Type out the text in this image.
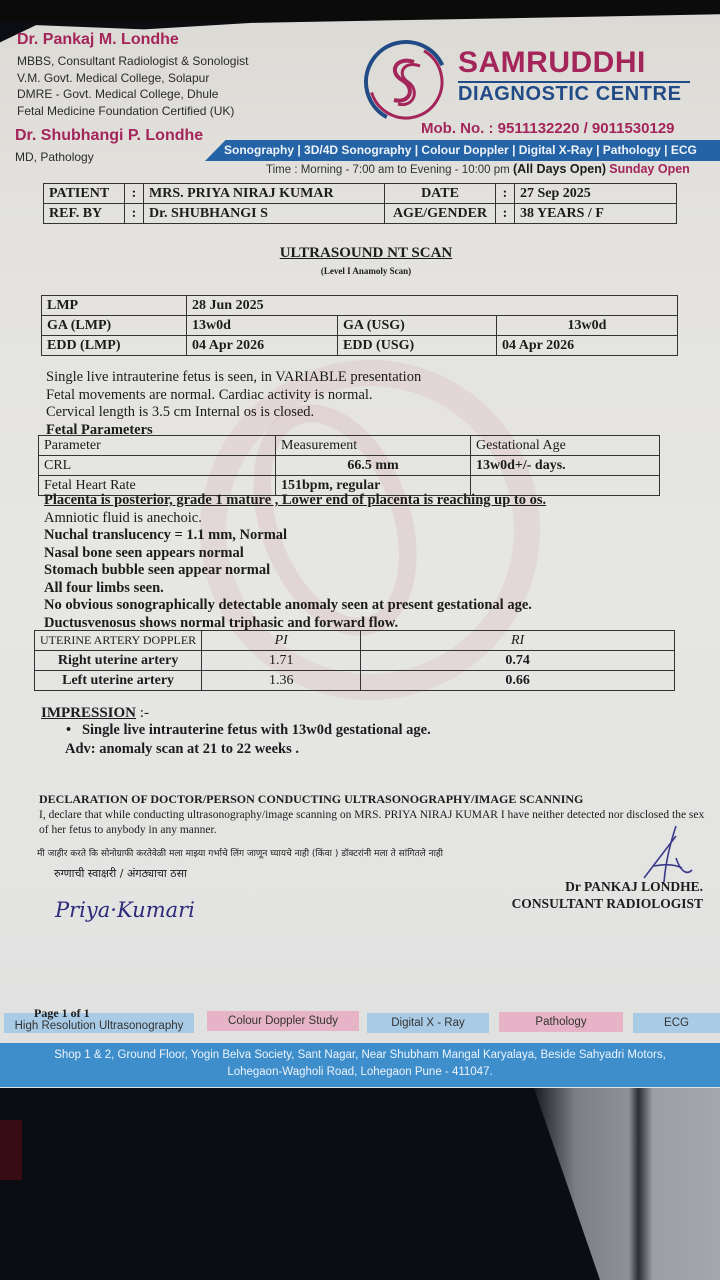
Dr. Pankaj M. Londhe
MBBS, Consultant Radiologist & Sonologist
V.M. Govt. Medical College, Solapur
DMRE - Govt. Medical College, Dhule
Fetal Medicine Foundation Certified (UK)
Dr. Shubhangi P. Londhe
MD, Pathology
SAMRUDDHI
DIAGNOSTIC CENTRE
Mob. No. : 9511132220 / 9011530129
Sonography | 3D/4D Sonography | Colour Doppler | Digital X-Ray | Pathology | ECG
Time : Morning - 7:00 am to Evening - 10:00 pm (All Days Open) Sunday Open
PATIENT	:	MRS. PRIYA NIRAJ KUMAR	DATE	:	27 Sep 2025
REF. BY	:	Dr. SHUBHANGI S	AGE/GENDER	:	38 YEARS / F
ULTRASOUND NT SCAN
(Level I Anamoly Scan)
LMP	28 Jun 2025		
GA (LMP)	13w0d	GA (USG)	13w0d
EDD (LMP)	04 Apr 2026	EDD (USG)	04 Apr 2026
Single live intrauterine fetus is seen, in VARIABLE presentation
Fetal movements are normal. Cardiac activity is normal.
Cervical length is 3.5 cm Internal os is closed.
Fetal Parameters
Parameter	Measurement	Gestational Age
CRL	66.5 mm	13w0d+/- days.
Fetal Heart Rate	151bpm, regular	
Placenta is posterior, grade 1 mature , Lower end of placenta is reaching up to os.
Amniotic fluid is anechoic.
Nuchal translucency = 1.1 mm, Normal
Nasal bone seen appears normal
Stomach bubble seen appear normal
All four limbs seen.
No obvious sonographically detectable anomaly seen at present gestational age.
Ductusvenosus shows normal triphasic and forward flow.
UTERINE ARTERY DOPPLER	PI	RI
Right uterine artery	1.71	0.74
Left uterine artery	1.36	0.66
IMPRESSION :-
•   Single live intrauterine fetus with 13w0d gestational age.
Adv: anomaly scan at 21 to 22 weeks .
DECLARATION OF DOCTOR/PERSON CONDUCTING ULTRASONOGRAPHY/IMAGE SCANNING
I, declare that while conducting ultrasonography/image scanning on MRS. PRIYA NIRAJ KUMAR I have neither detected nor disclosed the sex of her fetus to anybody in any manner.
मी जाहीर करते कि सोनोग्राफी करतेवेळी मला माझ्या गर्भाचे लिंग जाणून घ्यायचे नाही (किंवा ) डॉक्टरांनी मला ते सांगितले नाही
रुग्णाची स्वाक्षरी / अंगठ्याचा ठसा
Priya·Kumari
Dr PANKAJ LONDHE.
CONSULTANT RADIOLOGIST
Page 1 of 1
High Resolution Ultrasonography	Colour Doppler Study	Digital X - Ray	Pathology	ECG
Shop 1 & 2, Ground Floor, Yogin Belva Society, Sant Nagar, Near Shubham Mangal Karyalaya, Beside Sahyadri Motors,
Lohegaon-Wagholi Road, Lohegaon Pune - 411047.
